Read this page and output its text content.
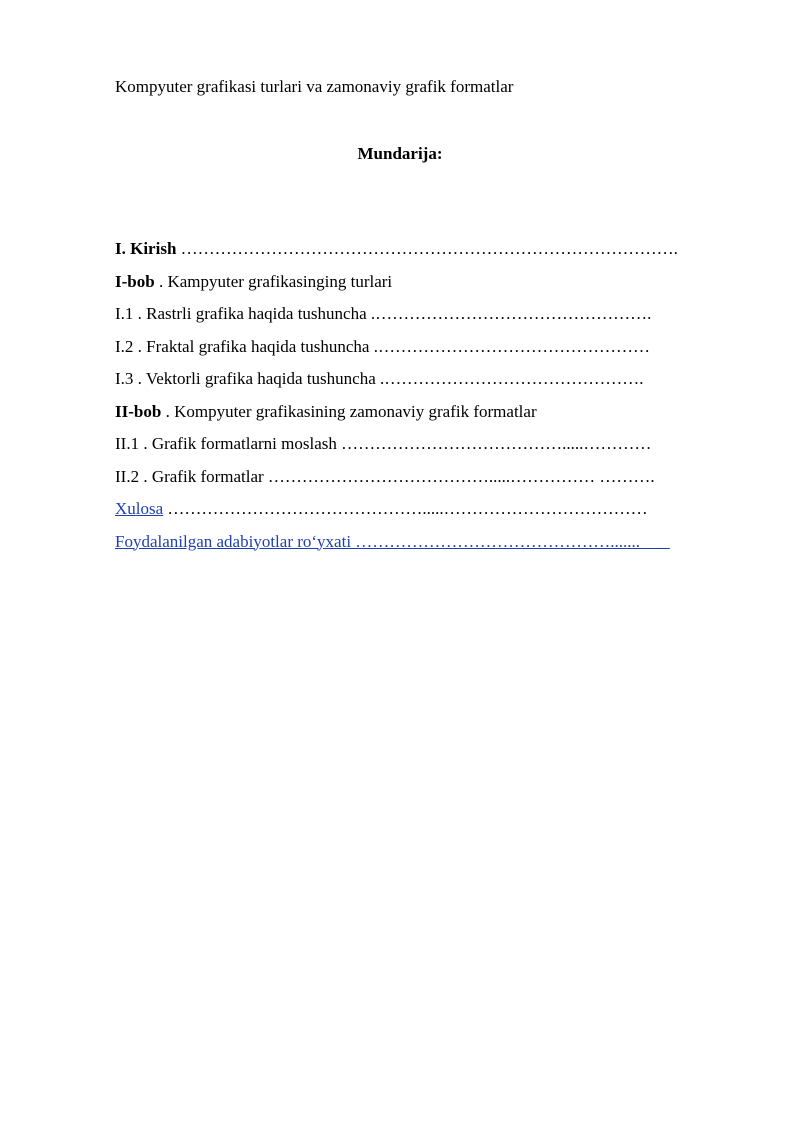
Kompyuter grafikasi turlari va zamonaviy grafik formatlar
Mundarija:
I. Kirish …………………………………………………………………………….
I-bob . Kampyuter grafikasinging turlari
I.1 . Rastrli grafika haqida tushuncha .………………………………………….
I.2 . Fraktal grafika haqida tushuncha .…………………………………………
I.3 . Vektorli grafika haqida tushuncha .……………………………………….
II-bob . Kompyuter grafikasining zamonaviy grafik formatlar
II.1 . Grafik formatlarni moslash ………………………………….....…………
II.2 . Grafik formatlar ………………………………….....…………… ……….
Xulosa ……………………………………….....………………………………
Foydalanilgan adabiyotlar ro‘yxati ……………………………………….......
